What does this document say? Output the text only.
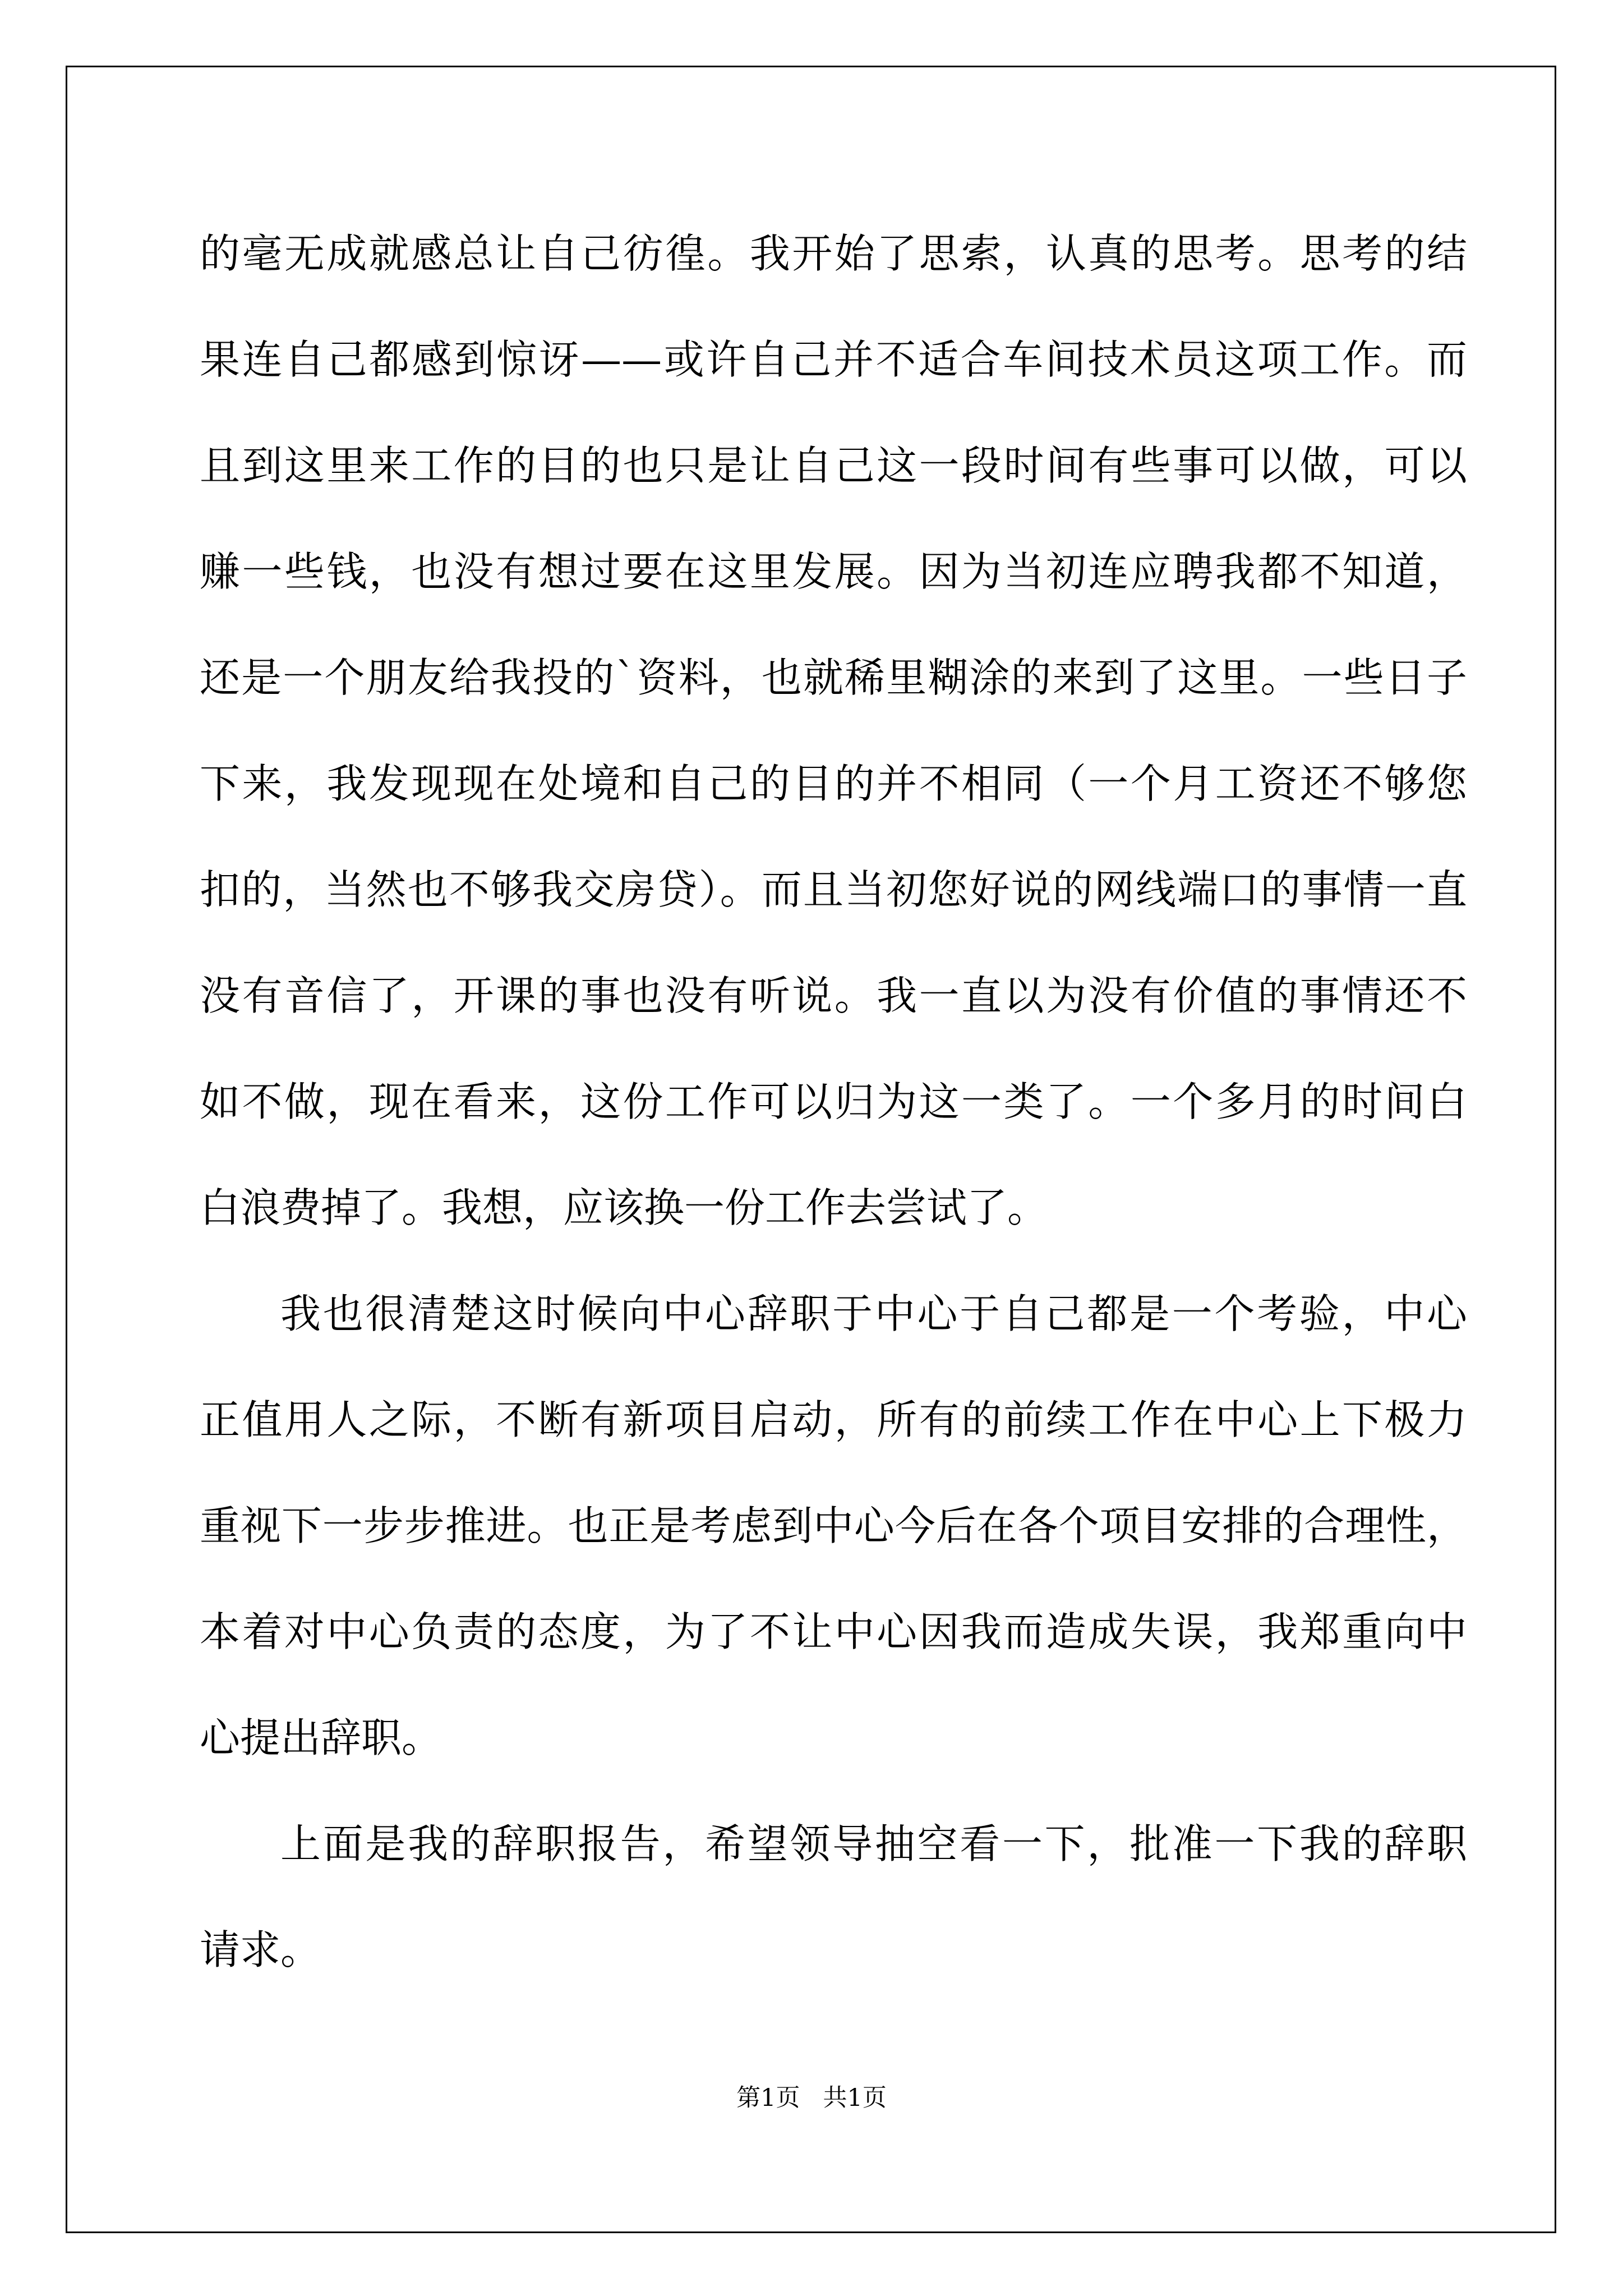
的毫无成就感总让自己彷徨。我开始了思索，认真的思考。思考的结
果连自己都感到惊讶——或许自己并不适合车间技术员这项工作。而
且到这里来工作的目的也只是让自己这一段时间有些事可以做，可以
赚一些钱，也没有想过要在这里发展。因为当初连应聘我都不知道，
还是一个朋友给我投的`资料，也就稀里糊涂的来到了这里。一些日子
下来，我发现现在处境和自己的目的并不相同（一个月工资还不够您
扣的，当然也不够我交房贷）。而且当初您好说的网线端口的事情一直
没有音信了，开课的事也没有听说。我一直以为没有价值的事情还不
如不做，现在看来，这份工作可以归为这一类了。一个多月的时间白
白浪费掉了。我想，应该换一份工作去尝试了。
我也很清楚这时候向中心辞职于中心于自己都是一个考验，中心
正值用人之际，不断有新项目启动，所有的前续工作在中心上下极力
重视下一步步推进。也正是考虑到中心今后在各个项目安排的合理性，
本着对中心负责的态度，为了不让中心因我而造成失误，我郑重向中
心提出辞职。
上面是我的辞职报告，希望领导抽空看一下，批准一下我的辞职
请求。
第1页   共1页
